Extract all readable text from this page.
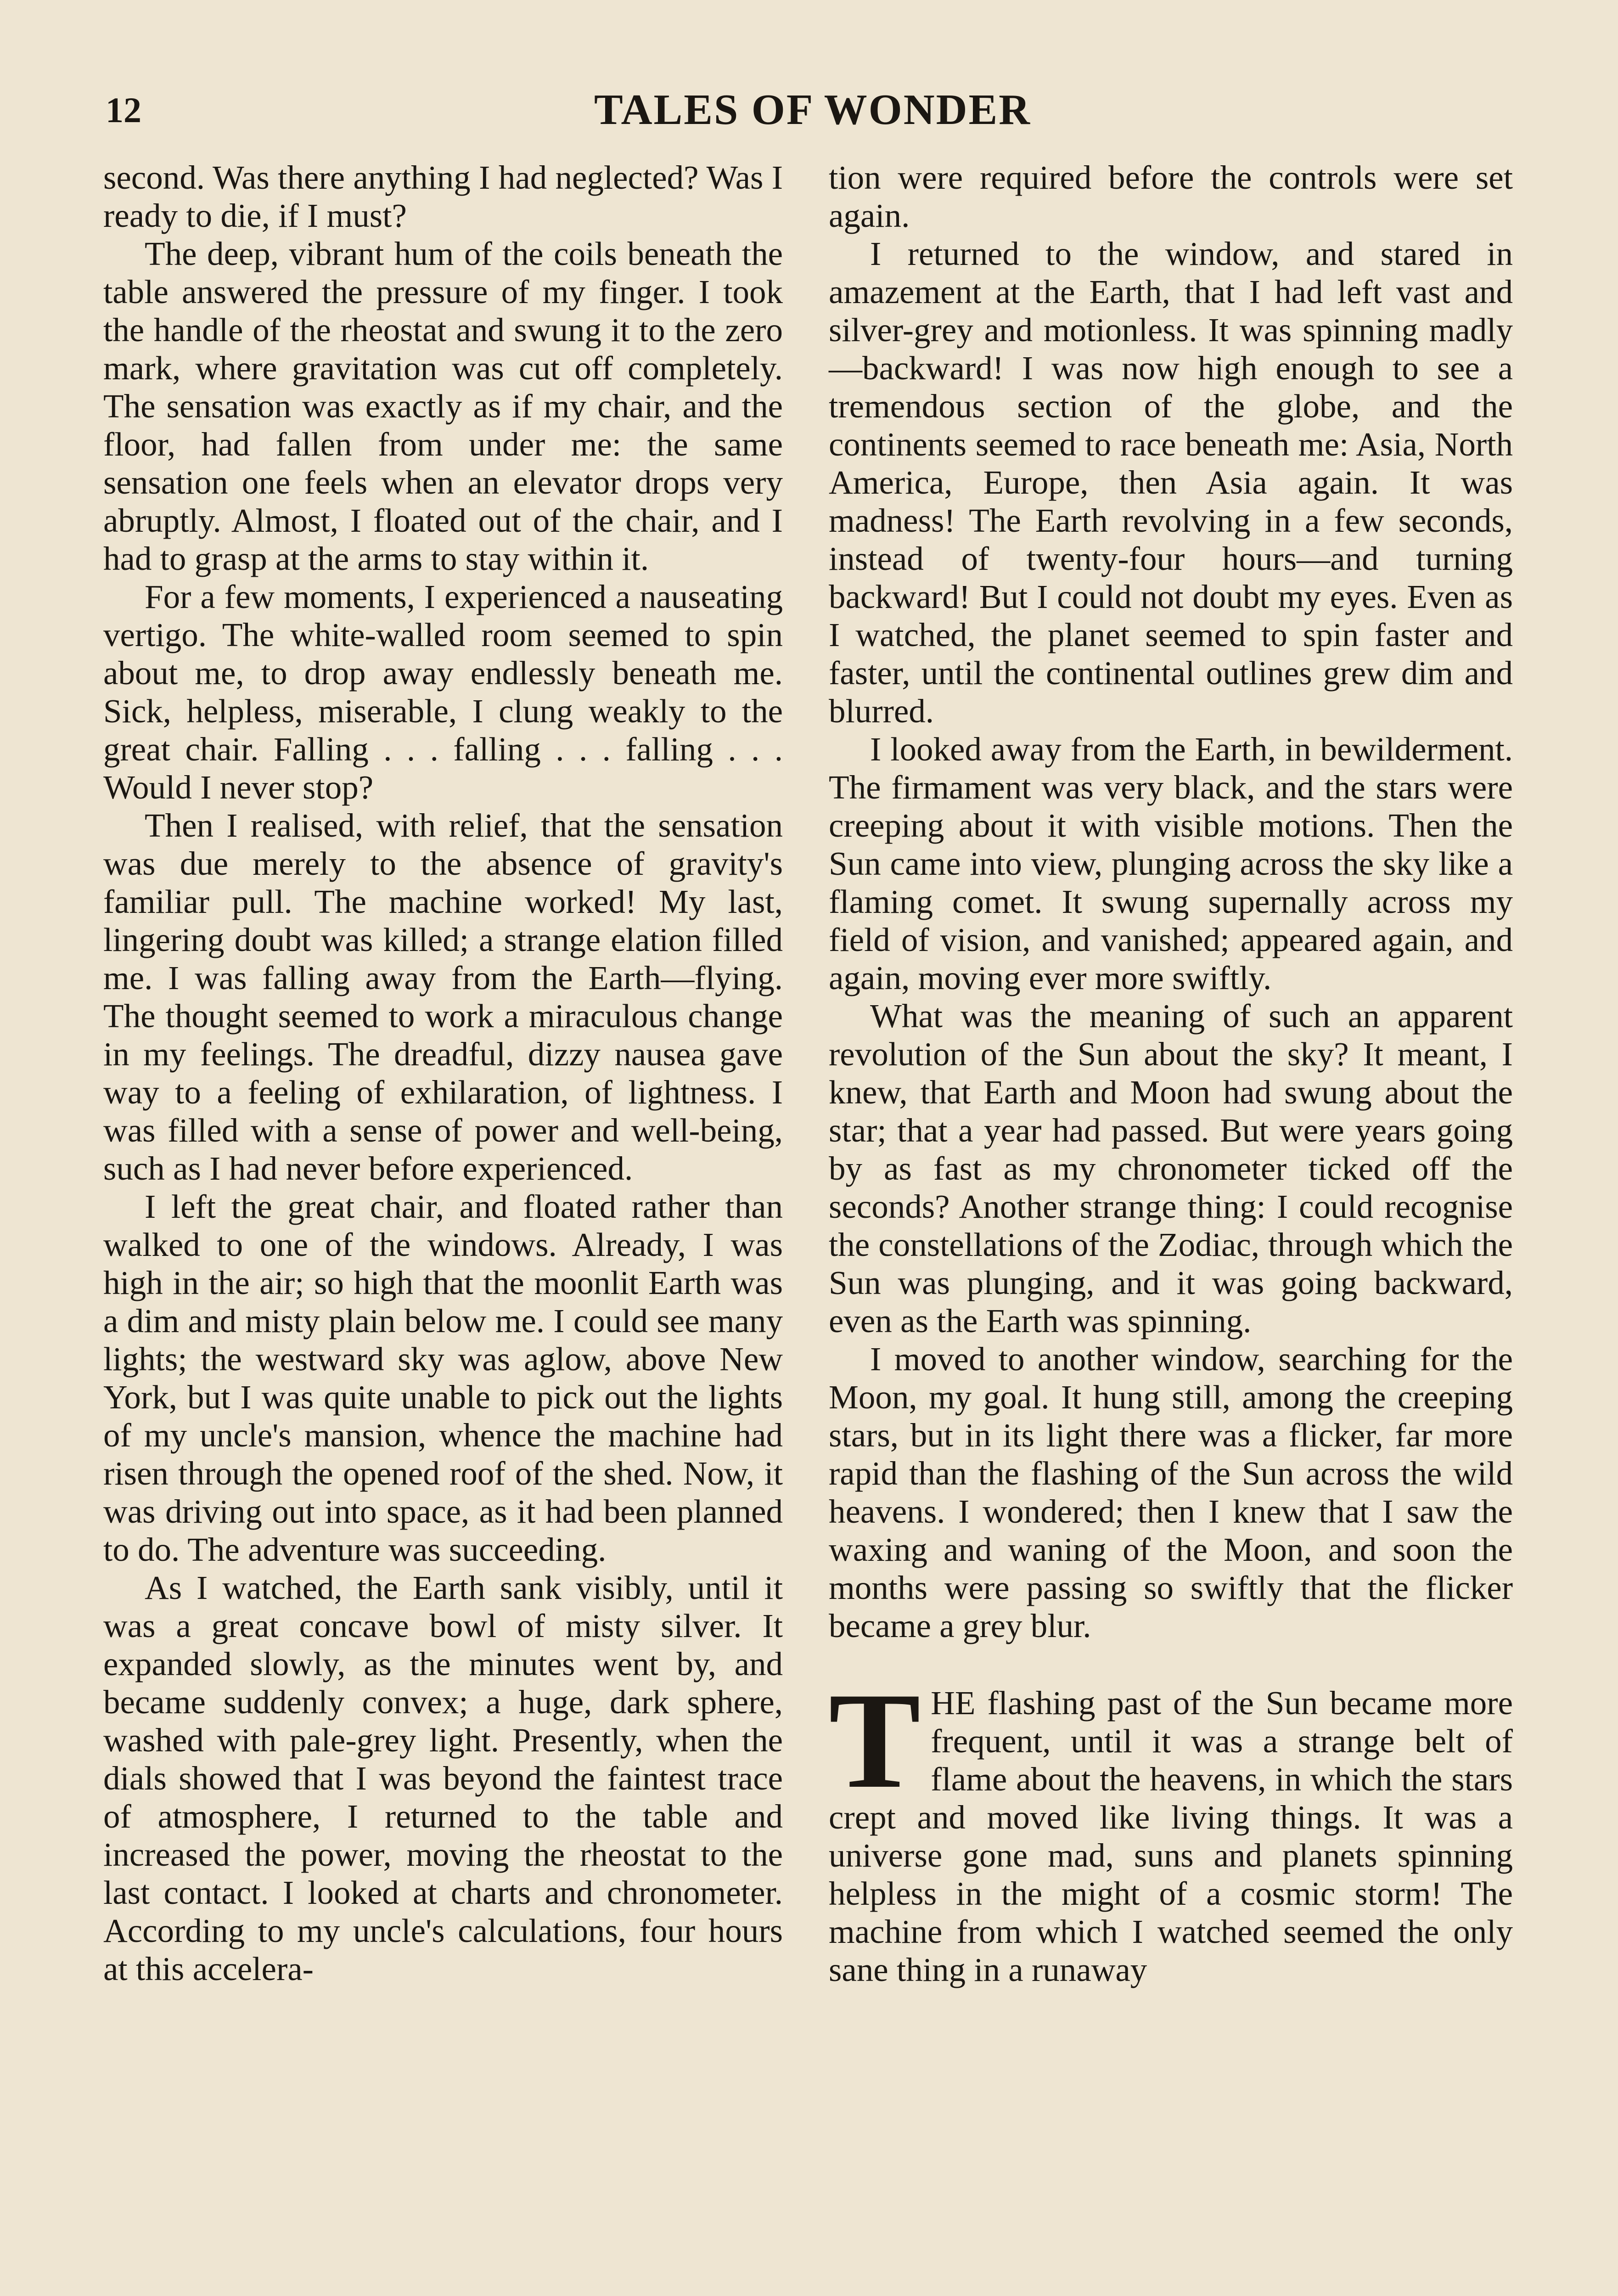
12	TALES OF WONDER

second. Was there anything I had neglected? Was I ready to die, if I must?

The deep, vibrant hum of the coils beneath the table answered the pressure of my finger. I took the handle of the rheostat and swung it to the zero mark, where gravitation was cut off completely. The sensation was exactly as if my chair, and the floor, had fallen from under me: the same sensation one feels when an elevator drops very abruptly. Almost, I floated out of the chair, and I had to grasp at the arms to stay within it.

For a few moments, I experienced a nauseating vertigo. The white-walled room seemed to spin about me, to drop away endlessly beneath me. Sick, helpless, miserable, I clung weakly to the great chair. Falling . . . falling . . . falling . . . Would I never stop?

Then I realised, with relief, that the sensation was due merely to the absence of gravity's familiar pull. The machine worked! My last, lingering doubt was killed; a strange elation filled me. I was falling away from the Earth—flying. The thought seemed to work a miraculous change in my feelings. The dreadful, dizzy nausea gave way to a feeling of exhilaration, of lightness. I was filled with a sense of power and well-being, such as I had never before experienced.

I left the great chair, and floated rather than walked to one of the windows. Already, I was high in the air; so high that the moonlit Earth was a dim and misty plain below me. I could see many lights; the westward sky was aglow, above New York, but I was quite unable to pick out the lights of my uncle's mansion, whence the machine had risen through the opened roof of the shed. Now, it was driving out into space, as it had been planned to do. The adventure was succeeding.

As I watched, the Earth sank visibly, until it was a great concave bowl of misty silver. It expanded slowly, as the minutes went by, and became suddenly convex; a huge, dark sphere, washed with pale-grey light. Presently, when the dials showed that I was beyond the faintest trace of atmosphere, I returned to the table and increased the power, moving the rheostat to the last contact. I looked at charts and chronometer. According to my uncle's calculations, four hours at this accelera-

tion were required before the controls were set again.

I returned to the window, and stared in amazement at the Earth, that I had left vast and silver-grey and motionless. It was spinning madly—backward! I was now high enough to see a tremendous section of the globe, and the continents seemed to race beneath me: Asia, North America, Europe, then Asia again. It was madness! The Earth revolving in a few seconds, instead of twenty-four hours—and turning backward! But I could not doubt my eyes. Even as I watched, the planet seemed to spin faster and faster, until the continental outlines grew dim and blurred.

I looked away from the Earth, in bewilderment. The firmament was very black, and the stars were creeping about it with visible motions. Then the Sun came into view, plunging across the sky like a flaming comet. It swung supernally across my field of vision, and vanished; appeared again, and again, moving ever more swiftly.

What was the meaning of such an apparent revolution of the Sun about the sky? It meant, I knew, that Earth and Moon had swung about the star; that a year had passed. But were years going by as fast as my chronometer ticked off the seconds? Another strange thing: I could recognise the constellations of the Zodiac, through which the Sun was plunging, and it was going backward, even as the Earth was spinning.

I moved to another window, searching for the Moon, my goal. It hung still, among the creeping stars, but in its light there was a flicker, far more rapid than the flashing of the Sun across the wild heavens. I wondered; then I knew that I saw the waxing and waning of the Moon, and soon the months were passing so swiftly that the flicker became a grey blur.

THE flashing past of the Sun became more frequent, until it was a strange belt of flame about the heavens, in which the stars crept and moved like living things. It was a universe gone mad, suns and planets spinning helpless in the might of a cosmic storm! The machine from which I watched seemed the only sane thing in a runaway
